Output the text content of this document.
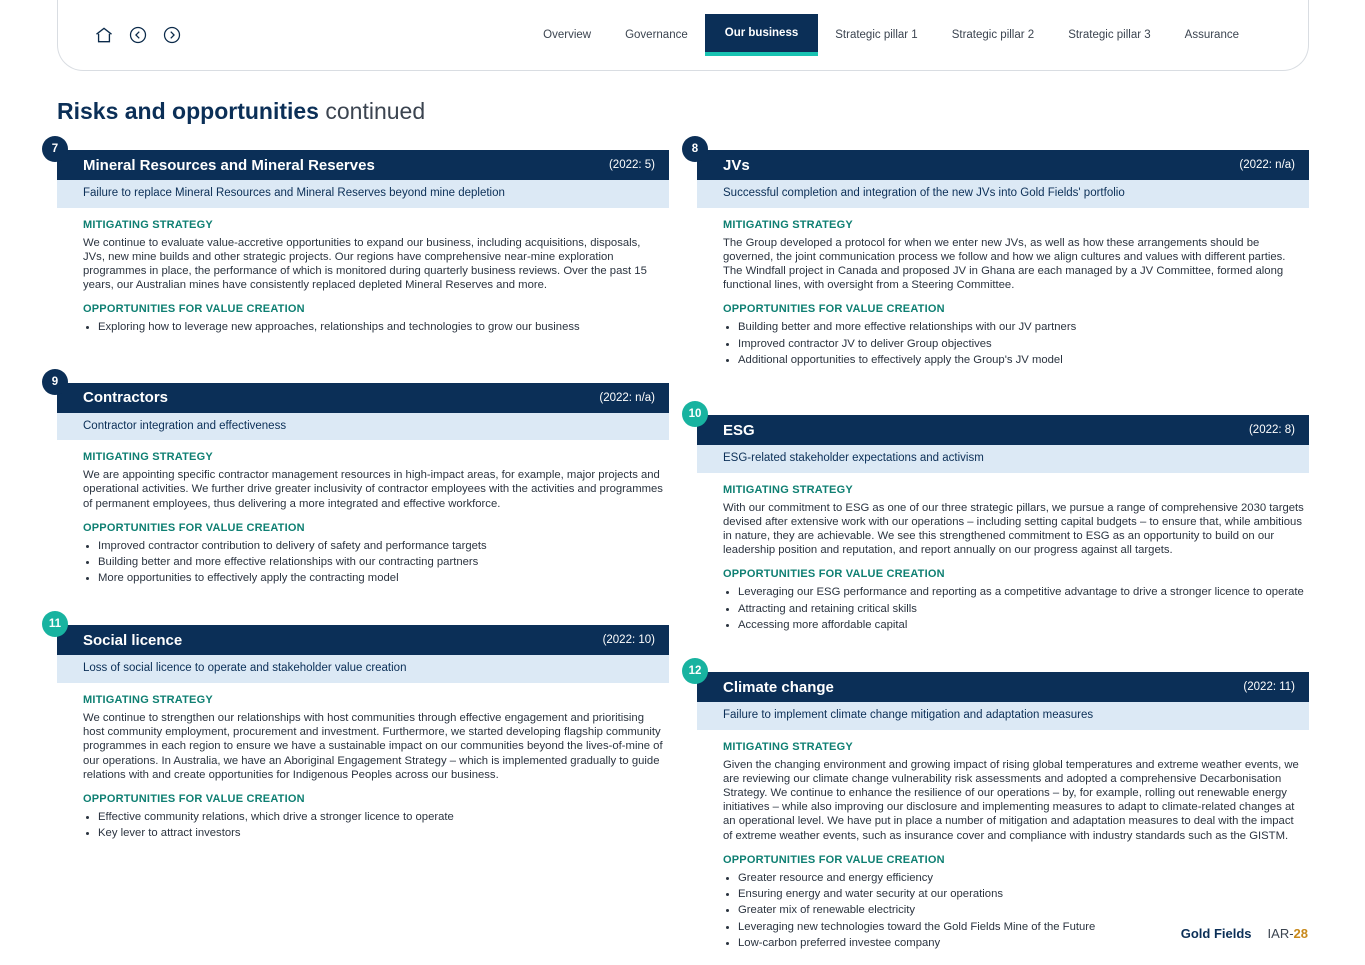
Overview	Governance	Our business	Strategic pillar 1	Strategic pillar 2	Strategic pillar 3	Assurance
Risks and opportunities continued
7
Mineral Resources and Mineral Reserves	(2022: 5)
Failure to replace Mineral Resources and Mineral Reserves beyond mine depletion
MITIGATING STRATEGY

We continue to evaluate value-accretive opportunities to expand our business, including acquisitions, disposals, JVs, new mine builds and other strategic projects. Our regions have comprehensive near-mine exploration programmes in place, the performance of which is monitored during quarterly business reviews. Over the past 15 years, our Australian mines have consistently replaced depleted Mineral Reserves and more.

OPPORTUNITIES FOR VALUE CREATION
Exploring how to leverage new approaches, relationships and technologies to grow our business
9
Contractors	(2022: n/a)
Contractor integration and effectiveness
MITIGATING STRATEGY

We are appointing specific contractor management resources in high-impact areas, for example, major projects and operational activities. We further drive greater inclusivity of contractor employees with the activities and programmes of permanent employees, thus delivering a more integrated and effective workforce.

OPPORTUNITIES FOR VALUE CREATION
Improved contractor contribution to delivery of safety and performance targets
Building better and more effective relationships with our contracting partners
More opportunities to effectively apply the contracting model
11
Social licence	(2022: 10)
Loss of social licence to operate and stakeholder value creation
MITIGATING STRATEGY

We continue to strengthen our relationships with host communities through effective engagement and prioritising host community employment, procurement and investment. Furthermore, we started developing flagship community programmes in each region to ensure we have a sustainable impact on our communities beyond the lives-of-mine of our operations. In Australia, we have an Aboriginal Engagement Strategy – which is implemented gradually to guide relations with and create opportunities for Indigenous Peoples across our business.

OPPORTUNITIES FOR VALUE CREATION
Effective community relations, which drive a stronger licence to operate
Key lever to attract investors
8
JVs	(2022: n/a)
Successful completion and integration of the new JVs into Gold Fields' portfolio
MITIGATING STRATEGY

The Group developed a protocol for when we enter new JVs, as well as how these arrangements should be governed, the joint communication process we follow and how we align cultures and values with different parties. The Windfall project in Canada and proposed JV in Ghana are each managed by a JV Committee, formed along functional lines, with oversight from a Steering Committee.

OPPORTUNITIES FOR VALUE CREATION
Building better and more effective relationships with our JV partners
Improved contractor JV to deliver Group objectives
Additional opportunities to effectively apply the Group's JV model
10
ESG	(2022: 8)
ESG-related stakeholder expectations and activism
MITIGATING STRATEGY

With our commitment to ESG as one of our three strategic pillars, we pursue a range of comprehensive 2030 targets devised after extensive work with our operations – including setting capital budgets – to ensure that, while ambitious in nature, they are achievable. We see this strengthened commitment to ESG as an opportunity to build on our leadership position and reputation, and report annually on our progress against all targets.

OPPORTUNITIES FOR VALUE CREATION
Leveraging our ESG performance and reporting as a competitive advantage to drive a stronger licence to operate
Attracting and retaining critical skills
Accessing more affordable capital
12
Climate change	(2022: 11)
Failure to implement climate change mitigation and adaptation measures
MITIGATING STRATEGY

Given the changing environment and growing impact of rising global temperatures and extreme weather events, we are reviewing our climate change vulnerability risk assessments and adopted a comprehensive Decarbonisation Strategy. We continue to enhance the resilience of our operations – by, for example, rolling out renewable energy initiatives – while also improving our disclosure and implementing measures to adapt to climate-related changes at an operational level. We have put in place a number of mitigation and adaptation measures to deal with the impact of extreme weather events, such as insurance cover and compliance with industry standards such as the GISTM.

OPPORTUNITIES FOR VALUE CREATION
Greater resource and energy efficiency
Ensuring energy and water security at our operations
Greater mix of renewable electricity
Leveraging new technologies toward the Gold Fields Mine of the Future
Low-carbon preferred investee company
Gold Fields IAR-28
